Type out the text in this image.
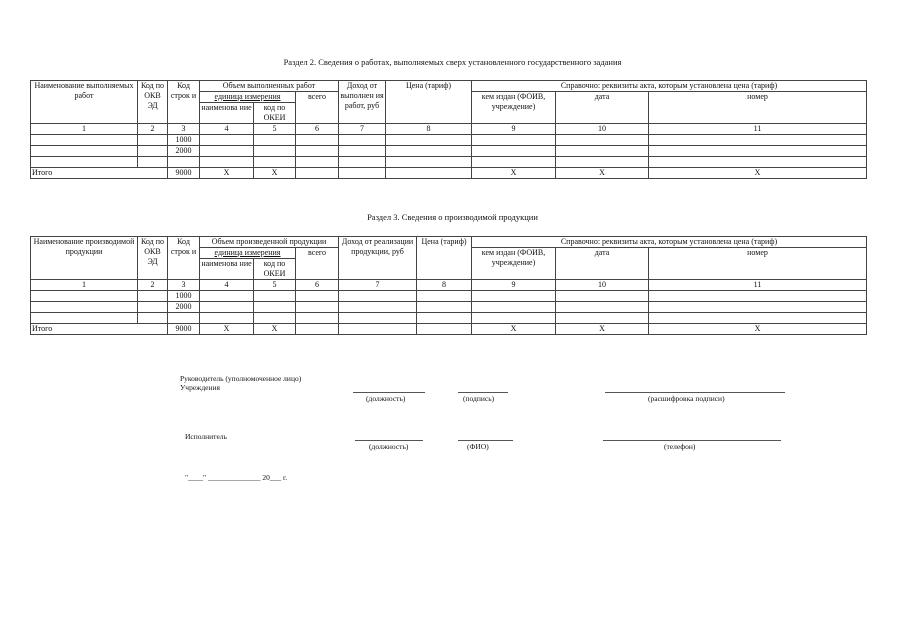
Раздел 2. Сведения о работах, выполняемых сверх установленного государственного задания
Наименование выполняемых работ	Код по ОКВ ЭД	Код строк и	Объем выполненных работ			Доход от выполнен ия работ, руб	Цена (тариф)	Справочно: реквизиты акта, которым установлена цена (тариф)		
			единица измерения		всего			кем издан (ФОИВ, учреждение)	дата	номер
			наименова ние	код по ОКЕИ						
1	2	3	4	5	6	7	8	9	10	11
		1000								
		2000								

Итого		9000	X	X				X	X	X
Раздел 3. Сведения о производимой продукции
Наименование производимой продукции	Код по ОКВ ЭД	Код строк и	Объем произведенной продукции			Доход от реализации продукции, руб	Цена (тариф)	Справочно: реквизиты акта, которым установлена цена (тариф)		
			единица измерения		всего			кем издан (ФОИВ, учреждение)	дата	номер
			наименова ние	код по ОКЕИ						
1	2	3	4	5	6	7	8	9	10	11
		1000								
		2000								

Итого		9000	X	X				X	X	X
Руководитель (уполномоченное лицо)
Учреждения
(должность)	(подпись)	(расшифровка подписи)
Исполнитель
(должность)	(ФИО)	(телефон)
"____" ______________ 20___ г.
